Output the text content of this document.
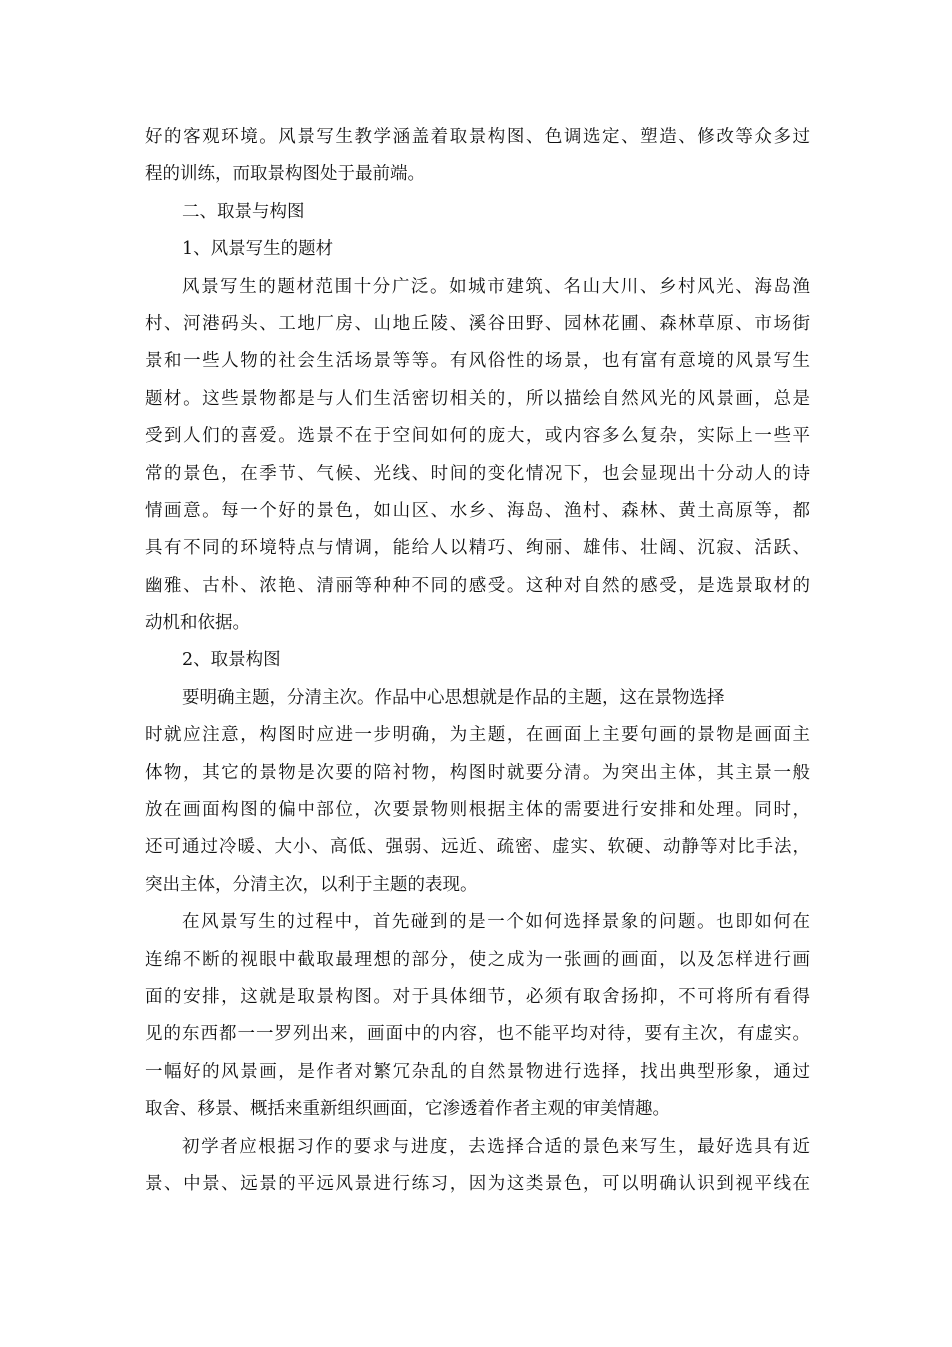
好的客观环境。风景写生教学涵盖着取景构图、色调选定、塑造、修改等众多过
程的训练，而取景构图处于最前端。
二、取景与构图
1、风景写生的题材
风景写生的题材范围十分广泛。如城市建筑、名山大川、乡村风光、海岛渔
村、河港码头、工地厂房、山地丘陵、溪谷田野、园林花圃、森林草原、市场街
景和一些人物的社会生活场景等等。有风俗性的场景，也有富有意境的风景写生
题材。这些景物都是与人们生活密切相关的，所以描绘自然风光的风景画，总是
受到人们的喜爱。选景不在于空间如何的庞大，或内容多么复杂，实际上一些平
常的景色，在季节、气候、光线、时间的变化情况下，也会显现出十分动人的诗
情画意。每一个好的景色，如山区、水乡、海岛、渔村、森林、黄土高原等，都
具有不同的环境特点与情调，能给人以精巧、绚丽、雄伟、壮阔、沉寂、活跃、
幽雅、古朴、浓艳、清丽等种种不同的感受。这种对自然的感受，是选景取材的
动机和依据。
2、取景构图
要明确主题，分清主次。作品中心思想就是作品的主题，这在景物选择
时就应注意，构图时应进一步明确，为主题，在画面上主要句画的景物是画面主
体物，其它的景物是次要的陪衬物，构图时就要分清。为突出主体，其主景一般
放在画面构图的偏中部位，次要景物则根据主体的需要进行安排和处理。同时，
还可通过冷暖、大小、高低、强弱、远近、疏密、虚实、软硬、动静等对比手法，
突出主体，分清主次，以利于主题的表现。
在风景写生的过程中，首先碰到的是一个如何选择景象的问题。也即如何在
连绵不断的视眼中截取最理想的部分，使之成为一张画的画面，以及怎样进行画
面的安排，这就是取景构图。对于具体细节，必须有取舍扬抑，不可将所有看得
见的东西都一一罗列出来，画面中的内容，也不能平均对待，要有主次，有虚实。
一幅好的风景画，是作者对繁冗杂乱的自然景物进行选择，找出典型形象，通过
取舍、移景、概括来重新组织画面，它渗透着作者主观的审美情趣。
初学者应根据习作的要求与进度，去选择合适的景色来写生，最好选具有近
景、中景、远景的平远风景进行练习，因为这类景色，可以明确认识到视平线在
